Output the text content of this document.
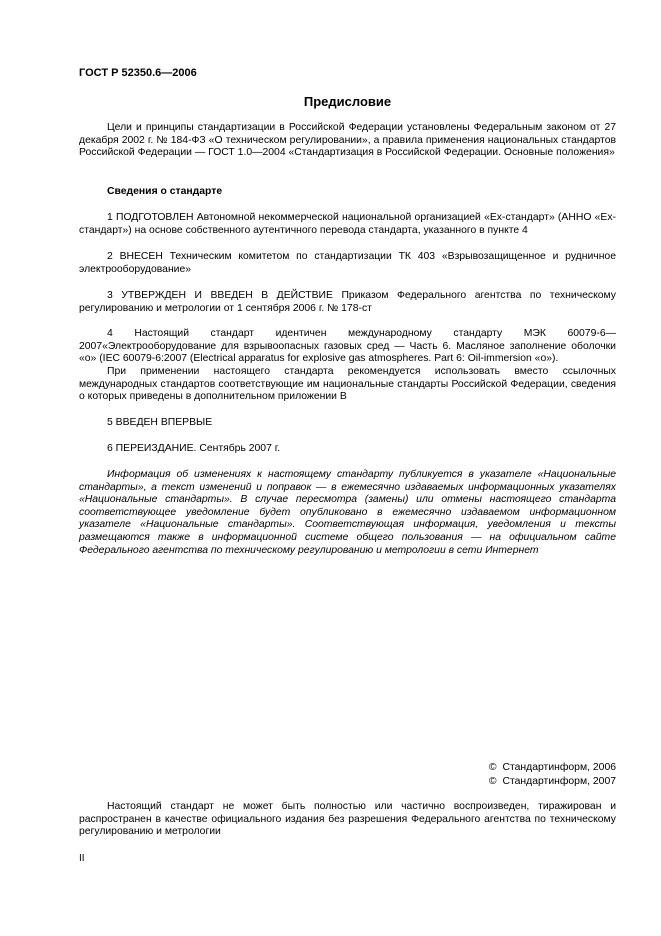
ГОСТ Р 52350.6—2006
Предисловие
Цели и принципы стандартизации в Российской Федерации установлены Федеральным законом от 27 декабря 2002 г. № 184-ФЗ «О техническом регулировании», а правила применения национальных стандартов Российской Федерации — ГОСТ 1.0—2004 «Стандартизация в Российской Федерации. Основные положения»
Сведения о стандарте
1 ПОДГОТОВЛЕН Автономной некоммерческой национальной организацией «Ех-стандарт» (АННО «Ех-стандарт») на основе собственного аутентичного перевода стандарта, указанного в пункте 4
2 ВНЕСЕН Техническим комитетом по стандартизации ТК 403 «Взрывозащищенное и рудничное электрооборудование»
3 УТВЕРЖДЕН И ВВЕДЕН В ДЕЙСТВИЕ Приказом Федерального агентства по техническому регулированию и метрологии от 1 сентября 2006 г. № 178-ст
4 Настоящий стандарт идентичен международному стандарту МЭК 60079-6—2007«Электрооборудование для взрывоопасных газовых сред — Часть 6. Масляное заполнение оболочки «о» (IEC 60079-6:2007 (Electrical apparatus for explosive gas atmospheres. Part 6: Oil-immersion «о»).
При применении настоящего стандарта рекомендуется использовать вместо ссылочных международных стандартов соответствующие им национальные стандарты Российской Федерации, сведения о которых приведены в дополнительном приложении В
5 ВВЕДЕН ВПЕРВЫЕ
6 ПЕРЕИЗДАНИЕ. Сентябрь 2007 г.
Информация об изменениях к настоящему стандарту публикуется в указателе «Национальные стандарты», а текст изменений и поправок — в ежемесячно издаваемых информационных указателях «Национальные стандарты». В случае пересмотра (замены) или отмены настоящего стандарта соответствующее уведомление будет опубликовано в ежемесячно издаваемом информационном указателе «Национальные стандарты». Соответствующая информация, уведомления и тексты размещаются также в информационной системе общего пользования — на официальном сайте Федерального агентства по техническому регулированию и метрологии в сети Интернет
© Стандартинформ, 2006
© Стандартинформ, 2007
Настоящий стандарт не может быть полностью или частично воспроизведен, тиражирован и распространен в качестве официального издания без разрешения Федерального агентства по техническому регулированию и метрологии
II
